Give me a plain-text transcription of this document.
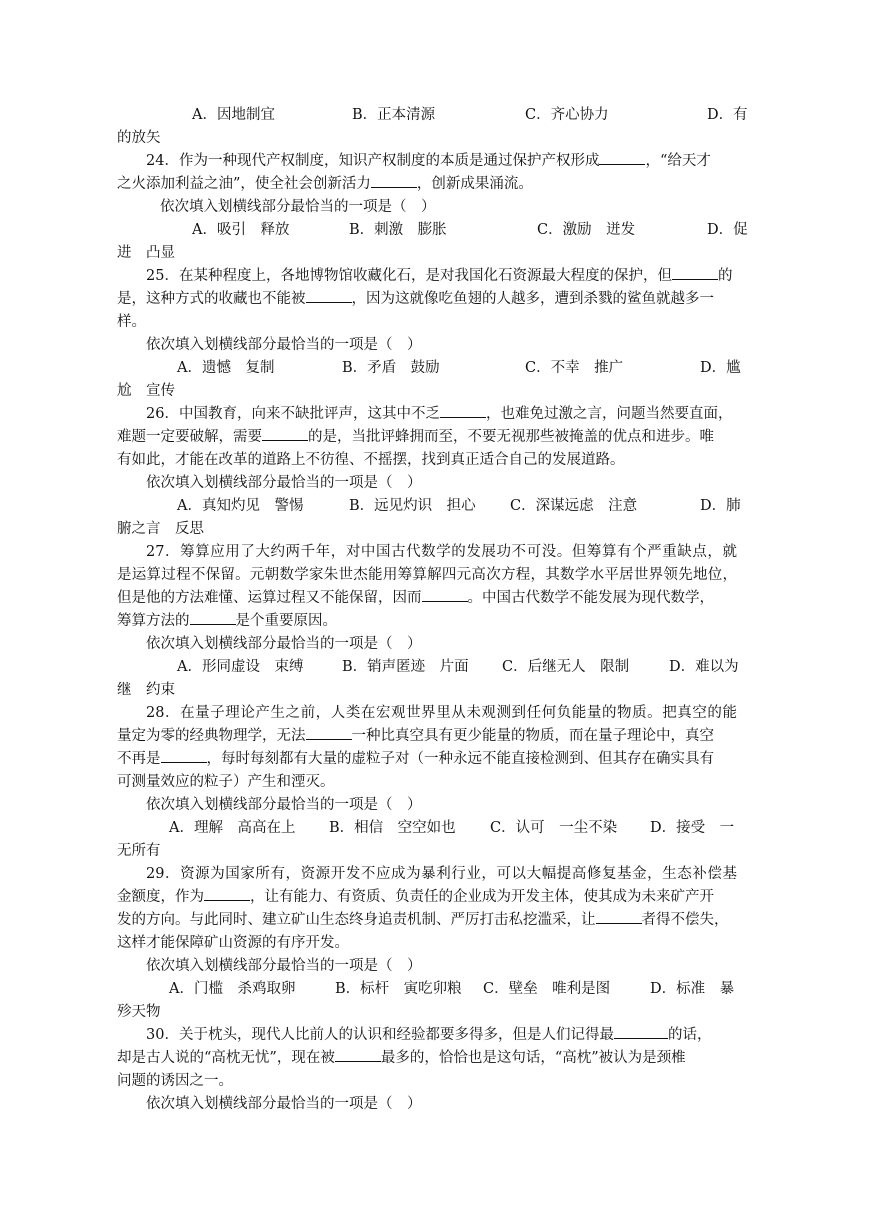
A．因地制宜	B．正本清源	C．齐心协力	D．有
的放矢
24．作为一种现代产权制度，知识产权制度的本质是通过保护产权形成	，“给天才
之火添加利益之油”，使全社会创新活力	，创新成果涌流。
依次填入划横线部分最恰当的一项是（　）
A．吸引　释放	B．刺激　膨胀	C．激励　迸发	D．促
进　凸显
25．在某种程度上，各地博物馆收藏化石，是对我国化石资源最大程度的保护，但	的
是，这种方式的收藏也不能被	，因为这就像吃鱼翅的人越多，遭到杀戮的鲨鱼就越多一
样。
依次填入划横线部分最恰当的一项是（　）
A．遗憾　复制	B．矛盾　鼓励	C．不幸　推广	D．尴
尬　宣传
26．中国教育，向来不缺批评声，这其中不乏	，也难免过激之言，问题当然要直面，
难题一定要破解，需要	的是，当批评蜂拥而至，不要无视那些被掩盖的优点和进步。唯
有如此，才能在改革的道路上不彷徨、不摇摆，找到真正适合自己的发展道路。
依次填入划横线部分最恰当的一项是（　）
A．真知灼见　警惕	B．远见灼识　担心 C．深谋远虑　注意	D．肺
腑之言　反思
27．筹算应用了大约两千年，对中国古代数学的发展功不可没。但筹算有个严重缺点，就
是运算过程不保留。元朝数学家朱世杰能用筹算解四元高次方程，其数学水平居世界领先地位，
但是他的方法难懂、运算过程又不能保留，因而	。中国古代数学不能发展为现代数学，
筹算方法的	是个重要原因。
依次填入划横线部分最恰当的一项是（　）
A．形同虚设　束缚	B．销声匿迹　片面 C．后继无人　限制	D．难以为
继　约束
28．在量子理论产生之前，人类在宏观世界里从未观测到任何负能量的物质。把真空的能
量定为零的经典物理学，无法	一种比真空具有更少能量的物质，而在量子理论中，真空
不再是	，每时每刻都有大量的虚粒子对（一种永远不能直接检测到、但其存在确实具有
可测量效应的粒子）产生和湮灭。
依次填入划横线部分最恰当的一项是（　）
A．理解　高高在上 B．相信　空空如也 C．认可　一尘不染 D．接受　一
无所有
29．资源为国家所有，资源开发不应成为暴利行业，可以大幅提高修复基金，生态补偿基
金额度，作为	，让有能力、有资质、负责任的企业成为开发主体，使其成为未来矿产开
发的方向。与此同时、建立矿山生态终身追责机制、严厉打击私挖滥采，让	者得不偿失，
这样才能保障矿山资源的有序开发。
依次填入划横线部分最恰当的一项是（　）
A．门槛　杀鸡取卵	B．标杆　寅吃卯粮 C．壁垒　唯利是图	D．标准　暴
殄天物
30．关于枕头，现代人比前人的认识和经验都要多得多，但是人们记得最	的话，
却是古人说的“高枕无忧”，现在被	最多的，恰恰也是这句话，“高枕”被认为是颈椎
问题的诱因之一。
依次填入划横线部分最恰当的一项是（　）
